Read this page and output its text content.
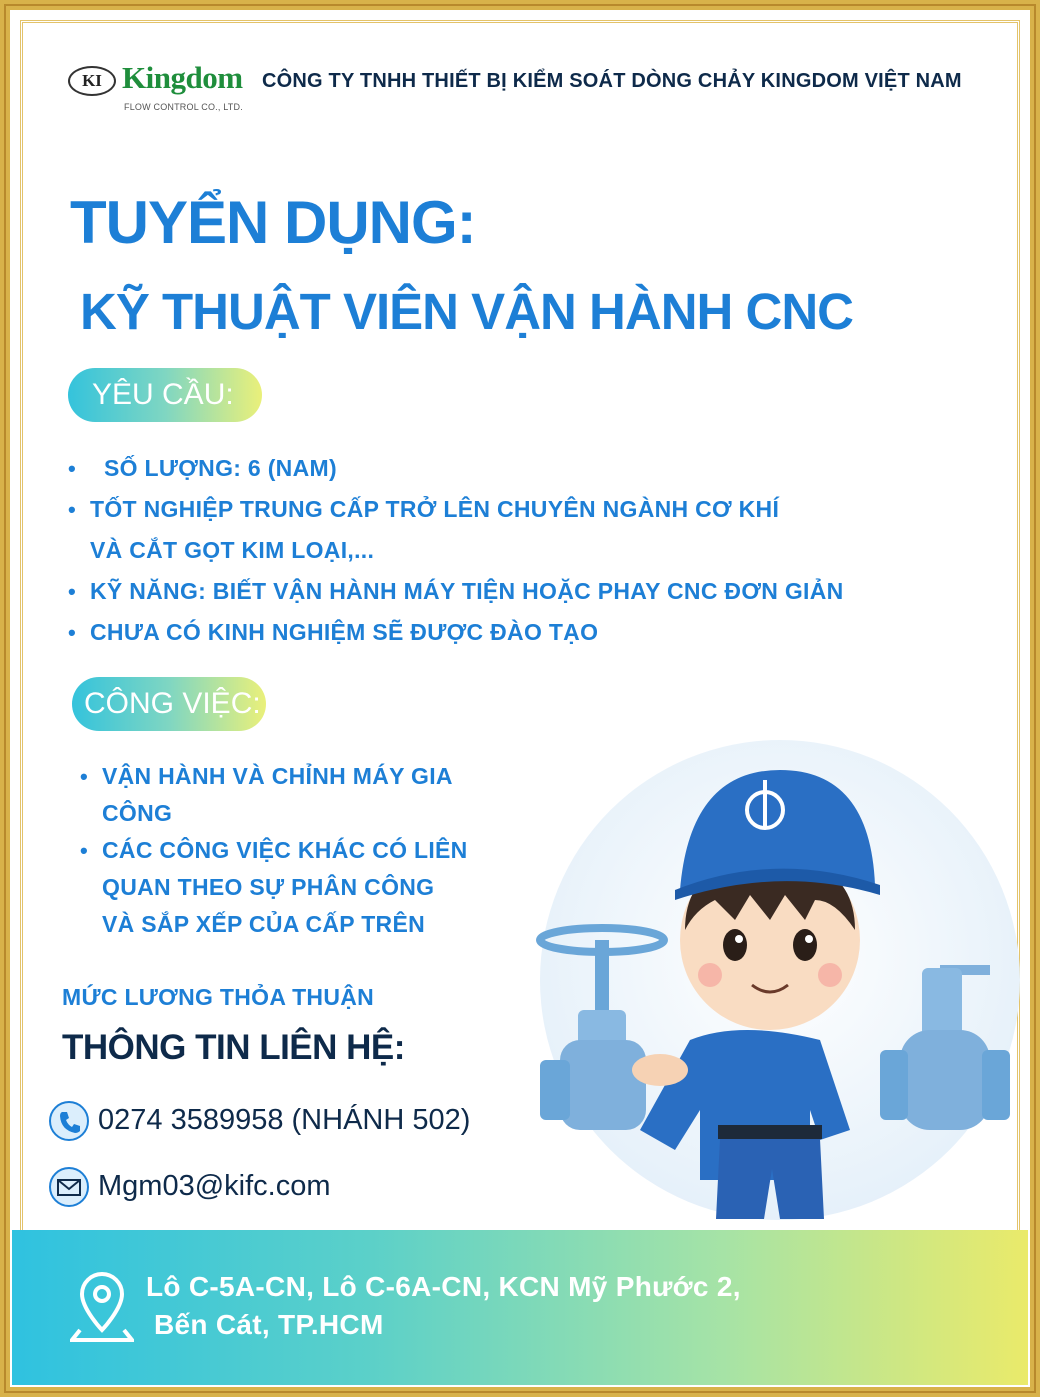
KI Kingdom
FLOW CONTROL CO., LTD.
CÔNG TY TNHH THIẾT BỊ KIỂM SOÁT DÒNG CHẢY KINGDOM VIỆT NAM
TUYỂN DỤNG:
KỸ THUẬT VIÊN VẬN HÀNH CNC
YÊU CẦU:
• SỐ LƯỢNG: 6 (NAM)
• TỐT NGHIỆP TRUNG CẤP TRỞ LÊN CHUYÊN NGÀNH CƠ KHÍ
VÀ CẮT GỌT KIM LOẠI,...
• KỸ NĂNG: BIẾT VẬN HÀNH MÁY TIỆN HOẶC PHAY CNC ĐƠN GIẢN
• CHƯA CÓ KINH NGHIỆM SẼ ĐƯỢC ĐÀO TẠO
CÔNG VIỆC:
• VẬN HÀNH VÀ CHỈNH MÁY GIA
CÔNG
• CÁC CÔNG VIỆC KHÁC CÓ LIÊN
QUAN THEO SỰ PHÂN CÔNG
VÀ SẮP XẾP CỦA CẤP TRÊN
MỨC LƯƠNG THỎA THUẬN
THÔNG TIN LIÊN HỆ:
0274 3589958 (NHÁNH 502)
Mgm03@kifc.com
Lô C-5A-CN, Lô C-6A-CN, KCN Mỹ Phước 2,
Bến Cát, TP.HCM
